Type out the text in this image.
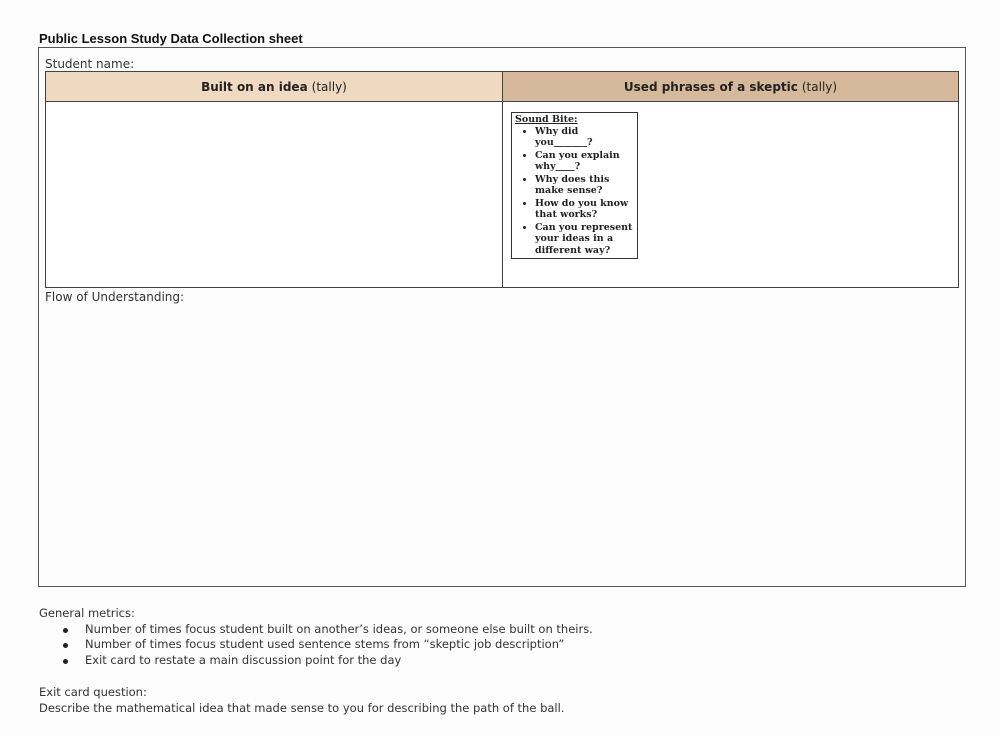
Public Lesson Study Data Collection sheet
Student name:
Built on an idea (tally)	Used phrases of a skeptic (tally)
Sound Bite:
• Why did you_______?
• Can you explain why____?
• Why does this make sense?
• How do you know that works?
• Can you represent your ideas in a different way?
Flow of Understanding:
General metrics:
Number of times focus student built on another’s ideas, or someone else built on theirs.
Number of times focus student used sentence stems from “skeptic job description”
Exit card to restate a main discussion point for the day
Exit card question:
Describe the mathematical idea that made sense to you for describing the path of the ball.
